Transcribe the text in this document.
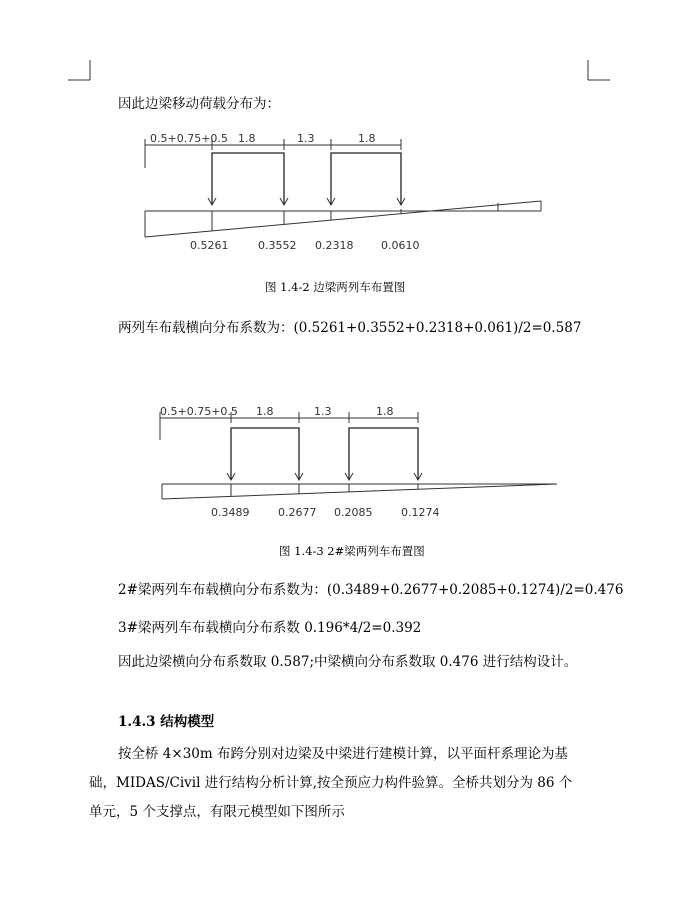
0.5+0.75+0.5 1.8	1.3	1.8
0.5261	0.3552 0.2318	0.0610
0.5+0.75+0.5 1.8	1.3	1.8
0.3489	0.2677 0.2085	0.1274
因此边梁移动荷载分布为：
图 1.4-2 边梁两列车布置图
两列车布载横向分布系数为：(0.5261+0.3552+0.2318+0.061)/2=0.587
图 1.4-3 2#梁两列车布置图
2#梁两列车布载横向分布系数为：(0.3489+0.2677+0.2085+0.1274)/2=0.476
3#梁两列车布载横向分布系数 0.196*4/2=0.392
因此边梁横向分布系数取 0.587;中梁横向分布系数取 0.476 进行结构设计。
1.4.3 结构模型
按全桥 4×30m 布跨分别对边梁及中梁进行建模计算，以平面杆系理论为基
础，MIDAS/Civil 进行结构分析计算,按全预应力构件验算。全桥共划分为 86 个
单元，5 个支撑点，有限元模型如下图所示
